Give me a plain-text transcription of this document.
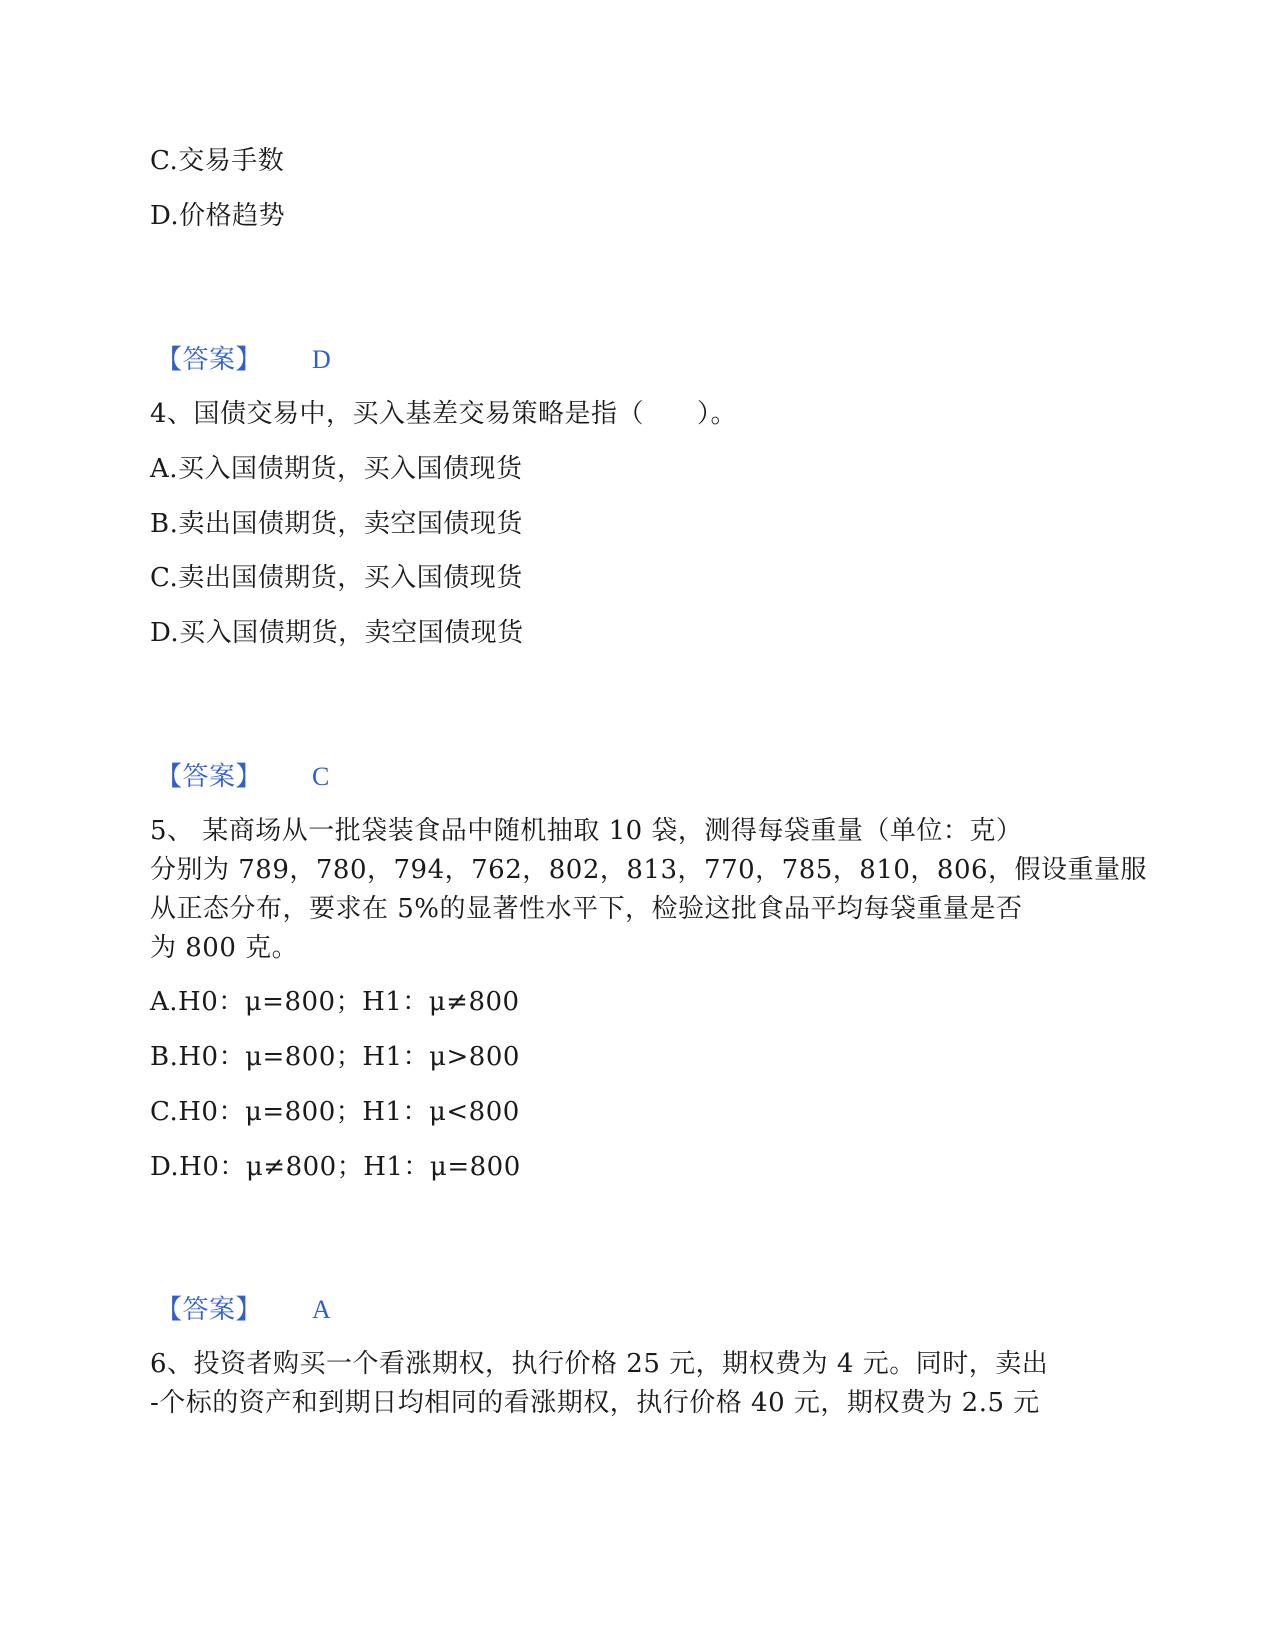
C.交易手数
D.价格趋势
【答案】 D
4、国债交易中，买入基差交易策略是指（　　）。
A.买入国债期货，买入国债现货
B.卖出国债期货，卖空国债现货
C.卖出国债期货，买入国债现货
D.买入国债期货，卖空国债现货
【答案】 C
5、 某商场从一批袋装食品中随机抽取 10 袋，测得每袋重量（单位：克）
分别为 789，780，794，762，802，813，770，785，810，806，假设重量服
从正态分布，要求在 5%的显著性水平下，检验这批食品平均每袋重量是否
为 800 克。
A.H0：μ=800；H1：μ≠800
B.H0：μ=800；H1：μ>800
C.H0：μ=800；H1：μ<800
D.H0：μ≠800；H1：μ=800
【答案】 A
6、投资者购买一个看涨期权，执行价格 25 元，期权费为 4 元。同时，卖出
-个标的资产和到期日均相同的看涨期权，执行价格 40 元，期权费为 2.5 元
